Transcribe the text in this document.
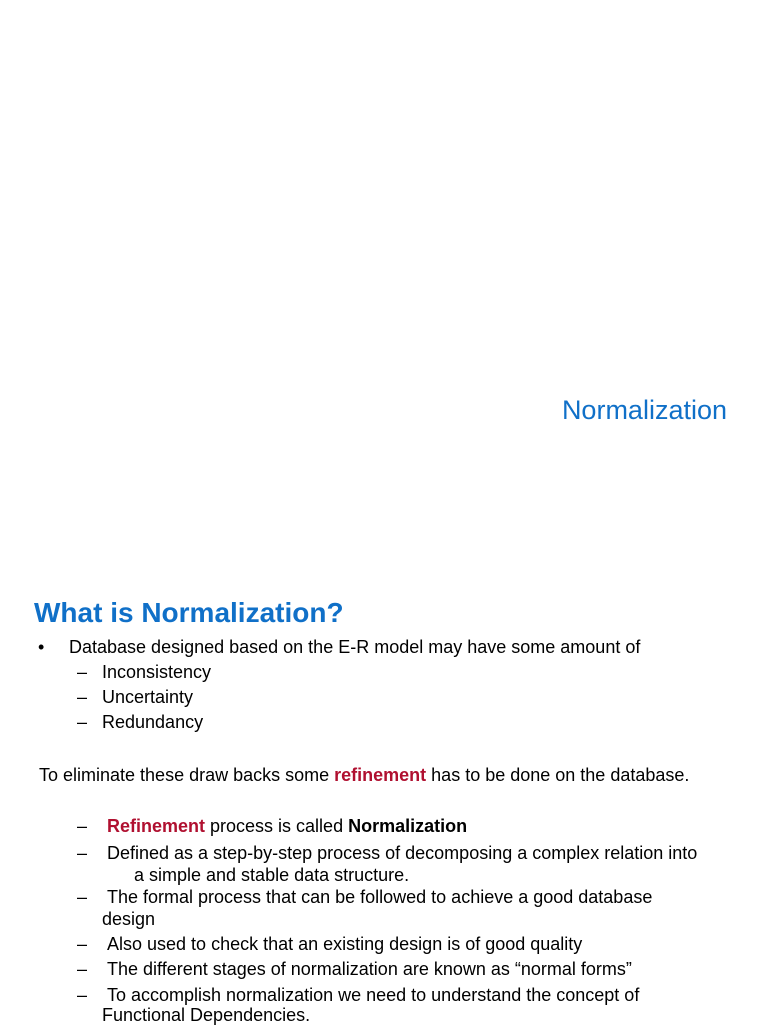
Normalization
What is Normalization?
•	Database designed based on the E-R model may have some amount of
– Inconsistency
– Uncertainty
– Redundancy
To eliminate these draw backs some refinement has to be done on the database.
– Refinement process is called Normalization
– Defined as a step-by-step process of decomposing a complex relation into
a simple and stable data structure.
– The formal process that can be followed to achieve a good database
design
– Also used to check that an existing design is of good quality
– The different stages of normalization are known as “normal forms”
– To accomplish normalization we need to understand the concept of
Functional Dependencies.
